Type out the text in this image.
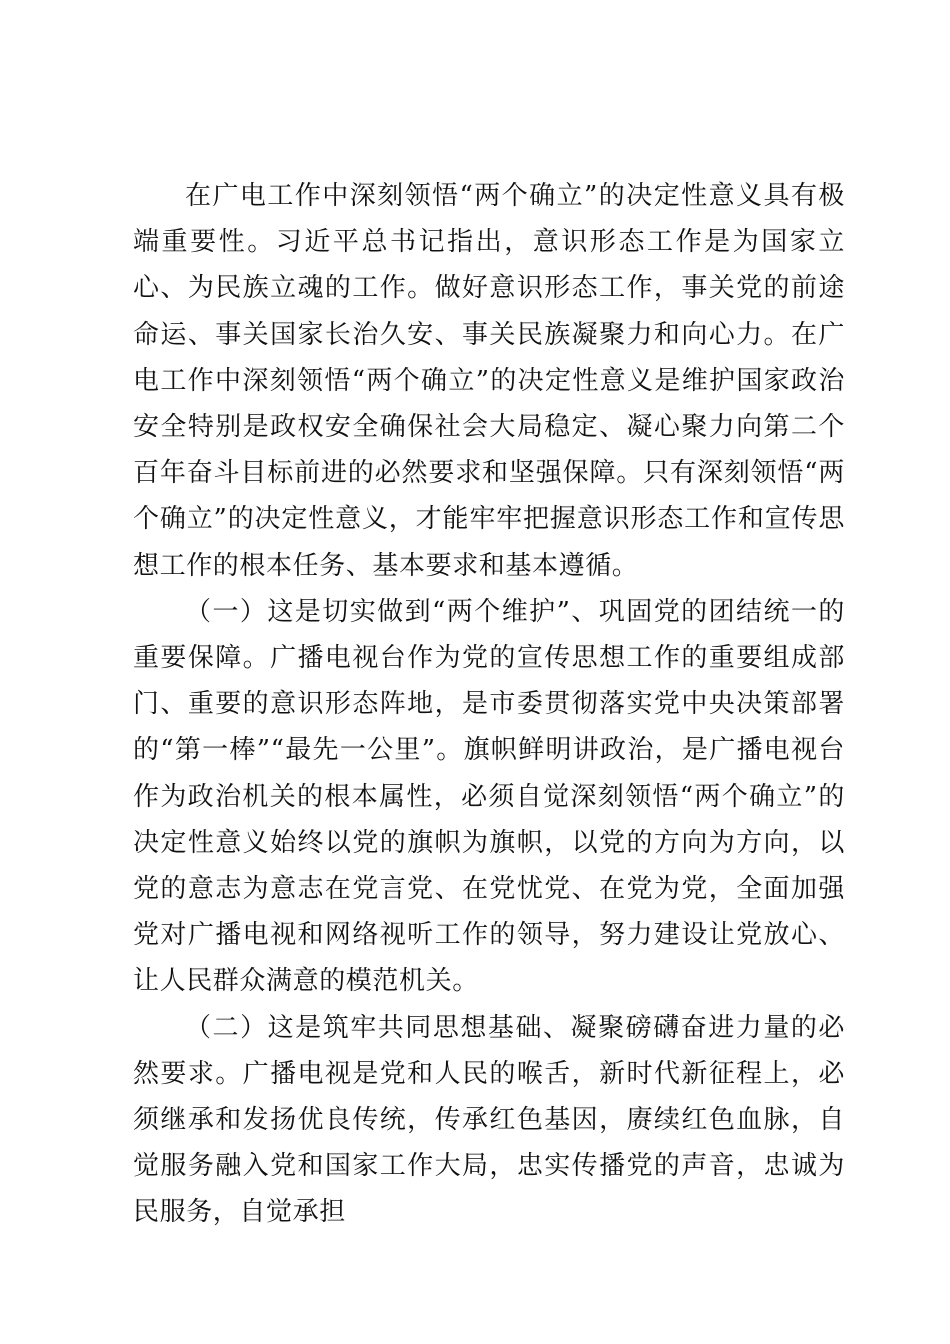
在广电工作中深刻领悟“两个确立”的决定性意义具有极端重要性。习近平总书记指出，意识形态工作是为国家立心、为民族立魂的工作。做好意识形态工作，事关党的前途命运、事关国家长治久安、事关民族凝聚力和向心力。在广电工作中深刻领悟“两个确立”的决定性意义是维护国家政治安全特别是政权安全确保社会大局稳定、凝心聚力向第二个百年奋斗目标前进的必然要求和坚强保障。只有深刻领悟“两个确立”的决定性意义，才能牢牢把握意识形态工作和宣传思想工作的根本任务、基本要求和基本遵循。

（一）这是切实做到“两个维护”、巩固党的团结统一的重要保障。广播电视台作为党的宣传思想工作的重要组成部门、重要的意识形态阵地，是市委贯彻落实党中央决策部署的“第一棒”“最先一公里”。旗帜鲜明讲政治，是广播电视台作为政治机关的根本属性，必须自觉深刻领悟“两个确立”的决定性意义始终以党的旗帜为旗帜，以党的方向为方向，以党的意志为意志在党言党、在党忧党、在党为党，全面加强党对广播电视和网络视听工作的领导，努力建设让党放心、让人民群众满意的模范机关。

（二）这是筑牢共同思想基础、凝聚磅礴奋进力量的必然要求。广播电视是党和人民的喉舌，新时代新征程上，必须继承和发扬优良传统，传承红色基因，赓续红色血脉，自觉服务融入党和国家工作大局，忠实传播党的声音，忠诚为民服务，自觉承担
